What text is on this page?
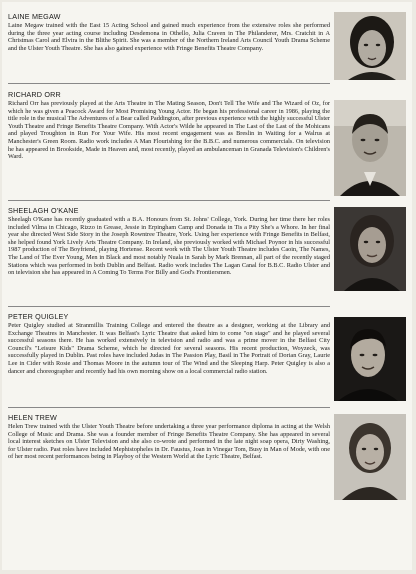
LAINE MEGAW

Laine Megaw trained with the East 15 Acting School and gained much experience from the extensive roles she performed during the three year acting course including Desdemona in Othello, Julia Craven in The Philanderer, Mrs. Cratchit in A Christmas Carol and Elvira in the Blithe Spirit. She was a member of the Northern Ireland Arts Council Youth Drama Scheme and the Ulster Youth Theatre. She has also gained experience with Fringe Benefits Theatre Company.

RICHARD ORR

Richard Orr has previously played at the Arts Theatre in The Mating Season, Don't Tell The Wife and The Wizard of Oz, for which he was given a Peacock Award for Most Promising Young Actor. He began his professional career in 1986, playing the title role in the musical The Adventures of a Bear called Paddington, after previous experience with the highly successful Ulster Youth Theatre and Fringe Benefits Theatre Company. With Actor's Wilde he appeared in The Last of the Last of the Mohicans and played Troughton in Run For Your Wife. His most recent engagement was as Breslin in Waiting for a Walrus at Manchester's Green Room. Radio work includes A Man Flourishing for the B.B.C. and numerous commercials. On television he has appeared in Brookside, Made in Heaven and, most recently, played an ambulanceman in Granada Television's Children's Ward.

SHEELAGH O'KANE

Sheelagh O'Kane has recently graduated with a B.A. Honours from St. Johns' College, York. During her time there her roles included Vilma in Chicago, Rizzo in Grease, Jessie in Erpingham Camp and Donada in Tis a Pity She's a Whore. In her final year she directed West Side Story in the Joseph Rowntree Theatre, York. Using her experience with Fringe Benefits in Belfast, she helped found York Lively Arts Theatre Company. In Ireland, she previously worked with Michael Poynor in his successful 1987 production of The Boyfriend, playing Hortense. Recent work with The Ulster Youth Theatre includes Caoin, The Names, The Land of The Ever Young, Men in Black and most notably Nuala in Sarah by Mark Brennan, all part of the recently staged Stations which was performed in both Dublin and Belfast. Radio work includes The Lagan Canal for B.B.C. Radio Ulster and on television she has appeared in A Coming To Terms For Billy and God's Frontiersmen.

PETER QUIGLEY

Peter Quigley studied at Stranmillis Training College and entered the theatre as a designer, working at the Library and Exchange Theatres in Manchester. It was Belfast's Lyric Theatre that asked him to come "on stage" and he played several successful seasons there. He has worked extensively in television and radio and was a prime mover in the Belfast City Council's "Leisure Kids" Drama Scheme, which he directed for several seasons. His recent production, Woyzeck, was successfully played in Dublin. Past roles have included Judas in The Passion Play, Basil in The Portrait of Dorian Gray, Laurie Lee in Cider with Rosie and Thomas Moore in the autumn tour of The Wind and the Sleeping Harp. Peter Quigley is also a dancer and choreographer and recently had his own morning show on a local commercial radio station.

HELEN TREW

Helen Trew trained with the Ulster Youth Theatre before undertaking a three year performance diploma in acting at the Welsh College of Music and Drama. She was a founder member of Fringe Benefits Theatre Company. She has appeared in several local interest sketches on Ulster Television and she also co-wrote and performed in the late night soap opera, Dirty Washing, for Ulster radio. Past roles have included Mephistopheles in Dr. Faustus, Joan in Vinegar Tom, Busy in Man of Mode, with one of her most recent performances being in Playboy of the Western World at the Lyric Theatre, Belfast.
